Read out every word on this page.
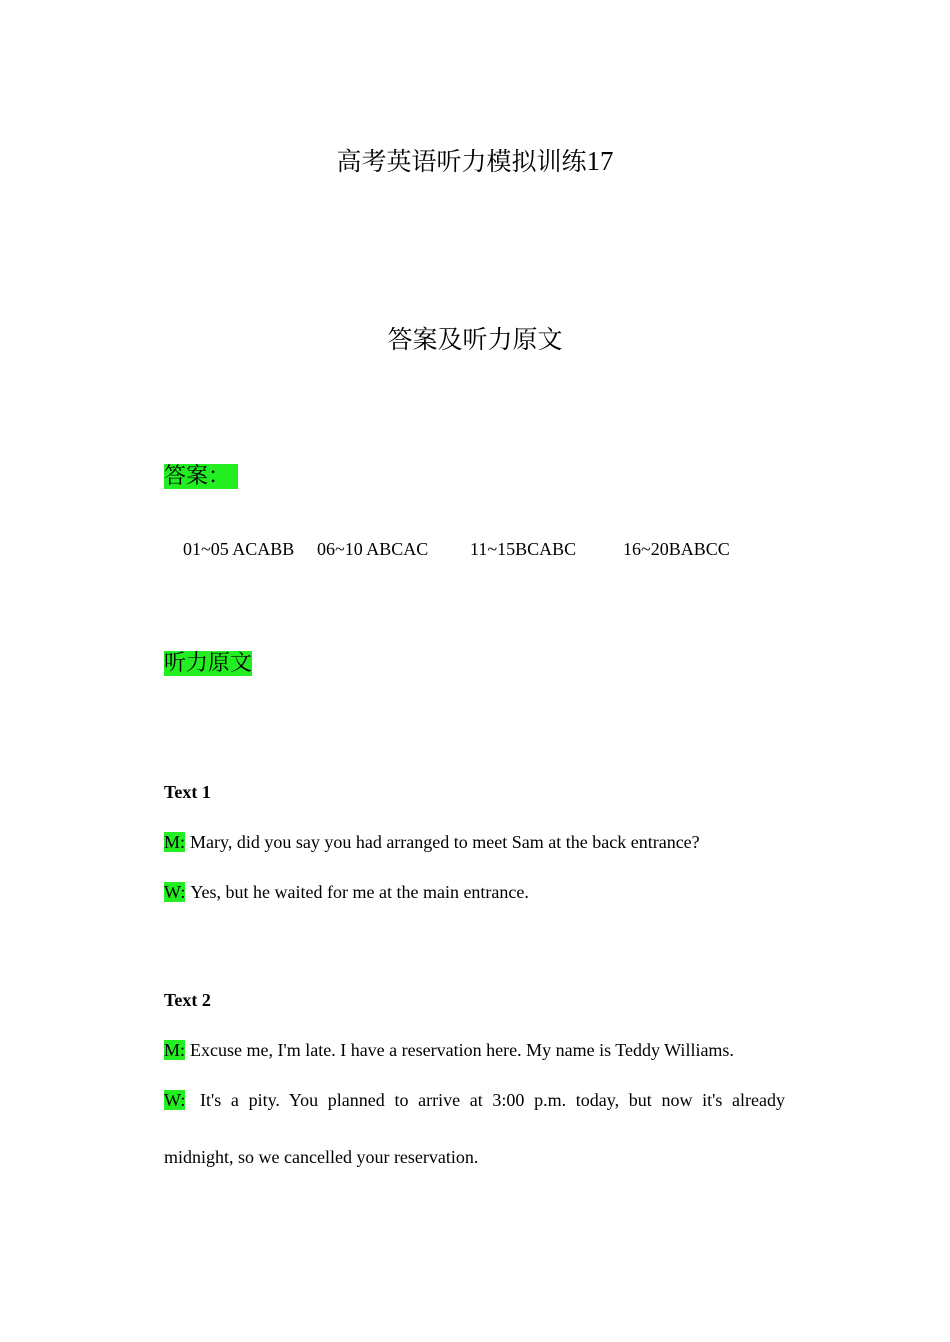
高考英语听力模拟训练17
答案及听力原文
答案：
01~05 ACABB 06~10 ABCAC 11~15BCABC	16~20BABCC
听力原文
Text 1
M: Mary, did you say you had arranged to meet Sam at the back entrance?
W: Yes, but he waited for me at the main entrance.
Text 2
M: Excuse me, I'm late. I have a reservation here. My name is Teddy Williams.
W: It's a pity. You planned to arrive at 3:00 p.m. today, but now it's already
midnight, so we cancelled your reservation.
